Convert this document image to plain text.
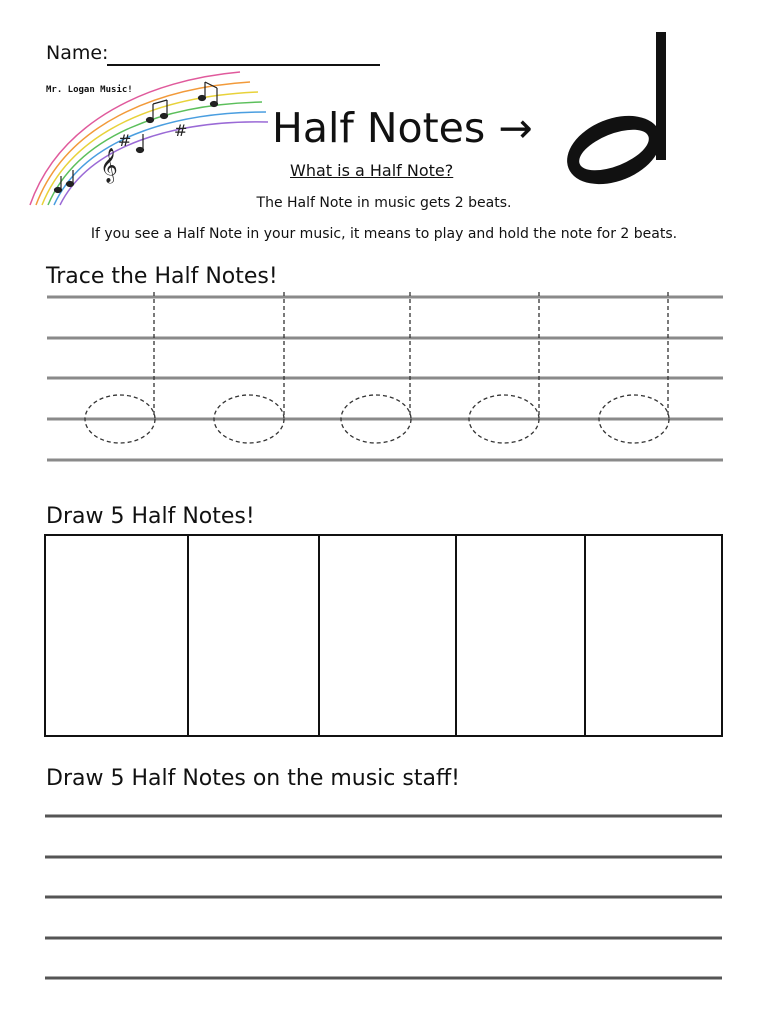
Name:
Mr. Logan Music!
Half Notes →
What is a Half Note?
The Half Note in music gets 2 beats.
If you see a Half Note in your music, it means to play and hold the note for 2 beats.
Trace the Half Notes!
Draw 5 Half Notes!
Draw 5 Half Notes on the music staff!
𝄞
#
#
